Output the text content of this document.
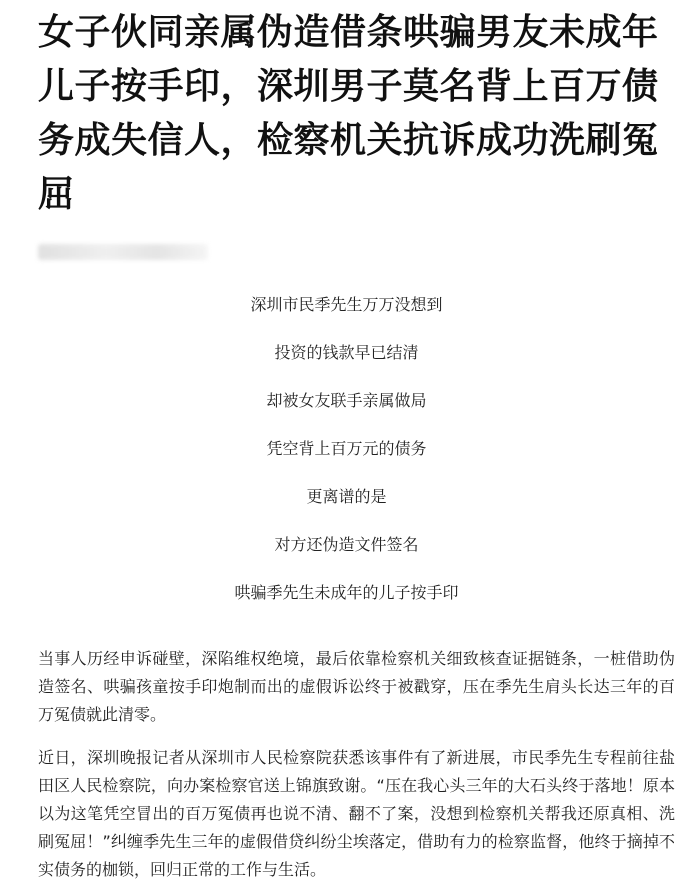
女子伙同亲属伪造借条哄骗男友未成年儿子按手印，深圳男子莫名背上百万债务成失信人，检察机关抗诉成功洗刷冤屈

深圳市民季先生万万没想到

投资的钱款早已结清

却被女友联手亲属做局

凭空背上百万元的债务

更离谱的是

对方还伪造文件签名

哄骗季先生未成年的儿子按手印

当事人历经申诉碰壁，深陷维权绝境，最后依靠检察机关细致核查证据链条，一桩借助伪造签名、哄骗孩童按手印炮制而出的虚假诉讼终于被戳穿，压在季先生肩头长达三年的百万冤债就此清零。

近日，深圳晚报记者从深圳市人民检察院获悉该事件有了新进展，市民季先生专程前往盐田区人民检察院，向办案检察官送上锦旗致谢。“压在我心头三年的大石头终于落地！原本以为这笔凭空冒出的百万冤债再也说不清、翻不了案，没想到检察机关帮我还原真相、洗刷冤屈！”纠缠季先生三年的虚假借贷纠纷尘埃落定，借助有力的检察监督，他终于摘掉不实债务的枷锁，回归正常的工作与生活。
